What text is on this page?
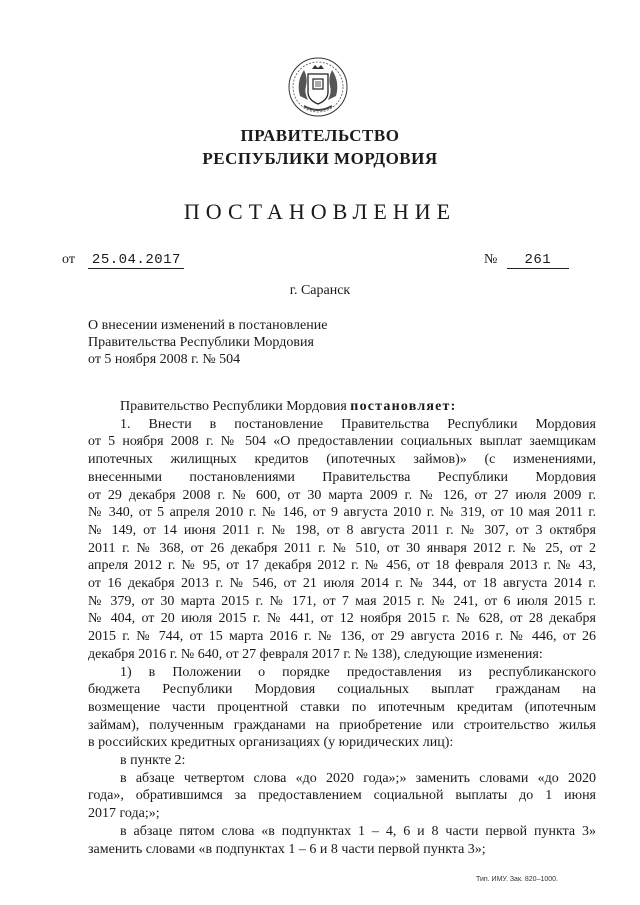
ПРАВИТЕЛЬСТВО
РЕСПУБЛИКИ МОРДОВИЯ
ПОСТАНОВЛЕНИЕ
от 25.04.2017	№ 261
г. Саранск
О внесении изменений в постановление
Правительства Республики Мордовия
от 5 ноября 2008 г. № 504
Правительство Республики Мордовия постановляет:
1. Внести в постановление Правительства Республики Мордовия
от 5 ноября 2008 г. № 504 «О предоставлении социальных выплат заемщикам
ипотечных жилищных кредитов (ипотечных займов)» (с изменениями,
внесенными постановлениями Правительства Республики Мордовия
от 29 декабря 2008 г. № 600, от 30 марта 2009 г. № 126, от 27 июля 2009 г.
№ 340, от 5 апреля 2010 г. № 146, от 9 августа 2010 г. № 319, от 10 мая 2011 г.
№ 149, от 14 июня 2011 г. № 198, от 8 августа 2011 г. № 307, от 3 октября
2011 г. № 368, от 26 декабря 2011 г. № 510, от 30 января 2012 г. № 25, от 2
апреля 2012 г. № 95, от 17 декабря 2012 г. № 456, от 18 февраля 2013 г. № 43,
от 16 декабря 2013 г. № 546, от 21 июля 2014 г. № 344, от 18 августа 2014 г.
№ 379, от 30 марта 2015 г. № 171, от 7 мая 2015 г. № 241, от 6 июля 2015 г.
№ 404, от 20 июля 2015 г. № 441, от 12 ноября 2015 г. № 628, от 28 декабря
2015 г. № 744, от 15 марта 2016 г. № 136, от 29 августа 2016 г. № 446, от 26
декабря 2016 г. № 640, от 27 февраля 2017 г. № 138), следующие изменения:
1) в Положении о порядке предоставления из республиканского
бюджета Республики Мордовия социальных выплат гражданам на
возмещение части процентной ставки по ипотечным кредитам (ипотечным
займам), полученным гражданами на приобретение или строительство жилья
в российских кредитных организациях (у юридических лиц):
в пункте 2:
в абзаце четвертом слова «до 2020 года»;» заменить словами «до 2020
года», обратившимся за предоставлением социальной выплаты до 1 июня
2017 года;»;
в абзаце пятом слова «в подпунктах 1 – 4, 6 и 8 части первой пункта 3»
заменить словами «в подпунктах 1 – 6 и 8 части первой пункта 3»;
Тип. ИМУ. Зак. 820–1000.
